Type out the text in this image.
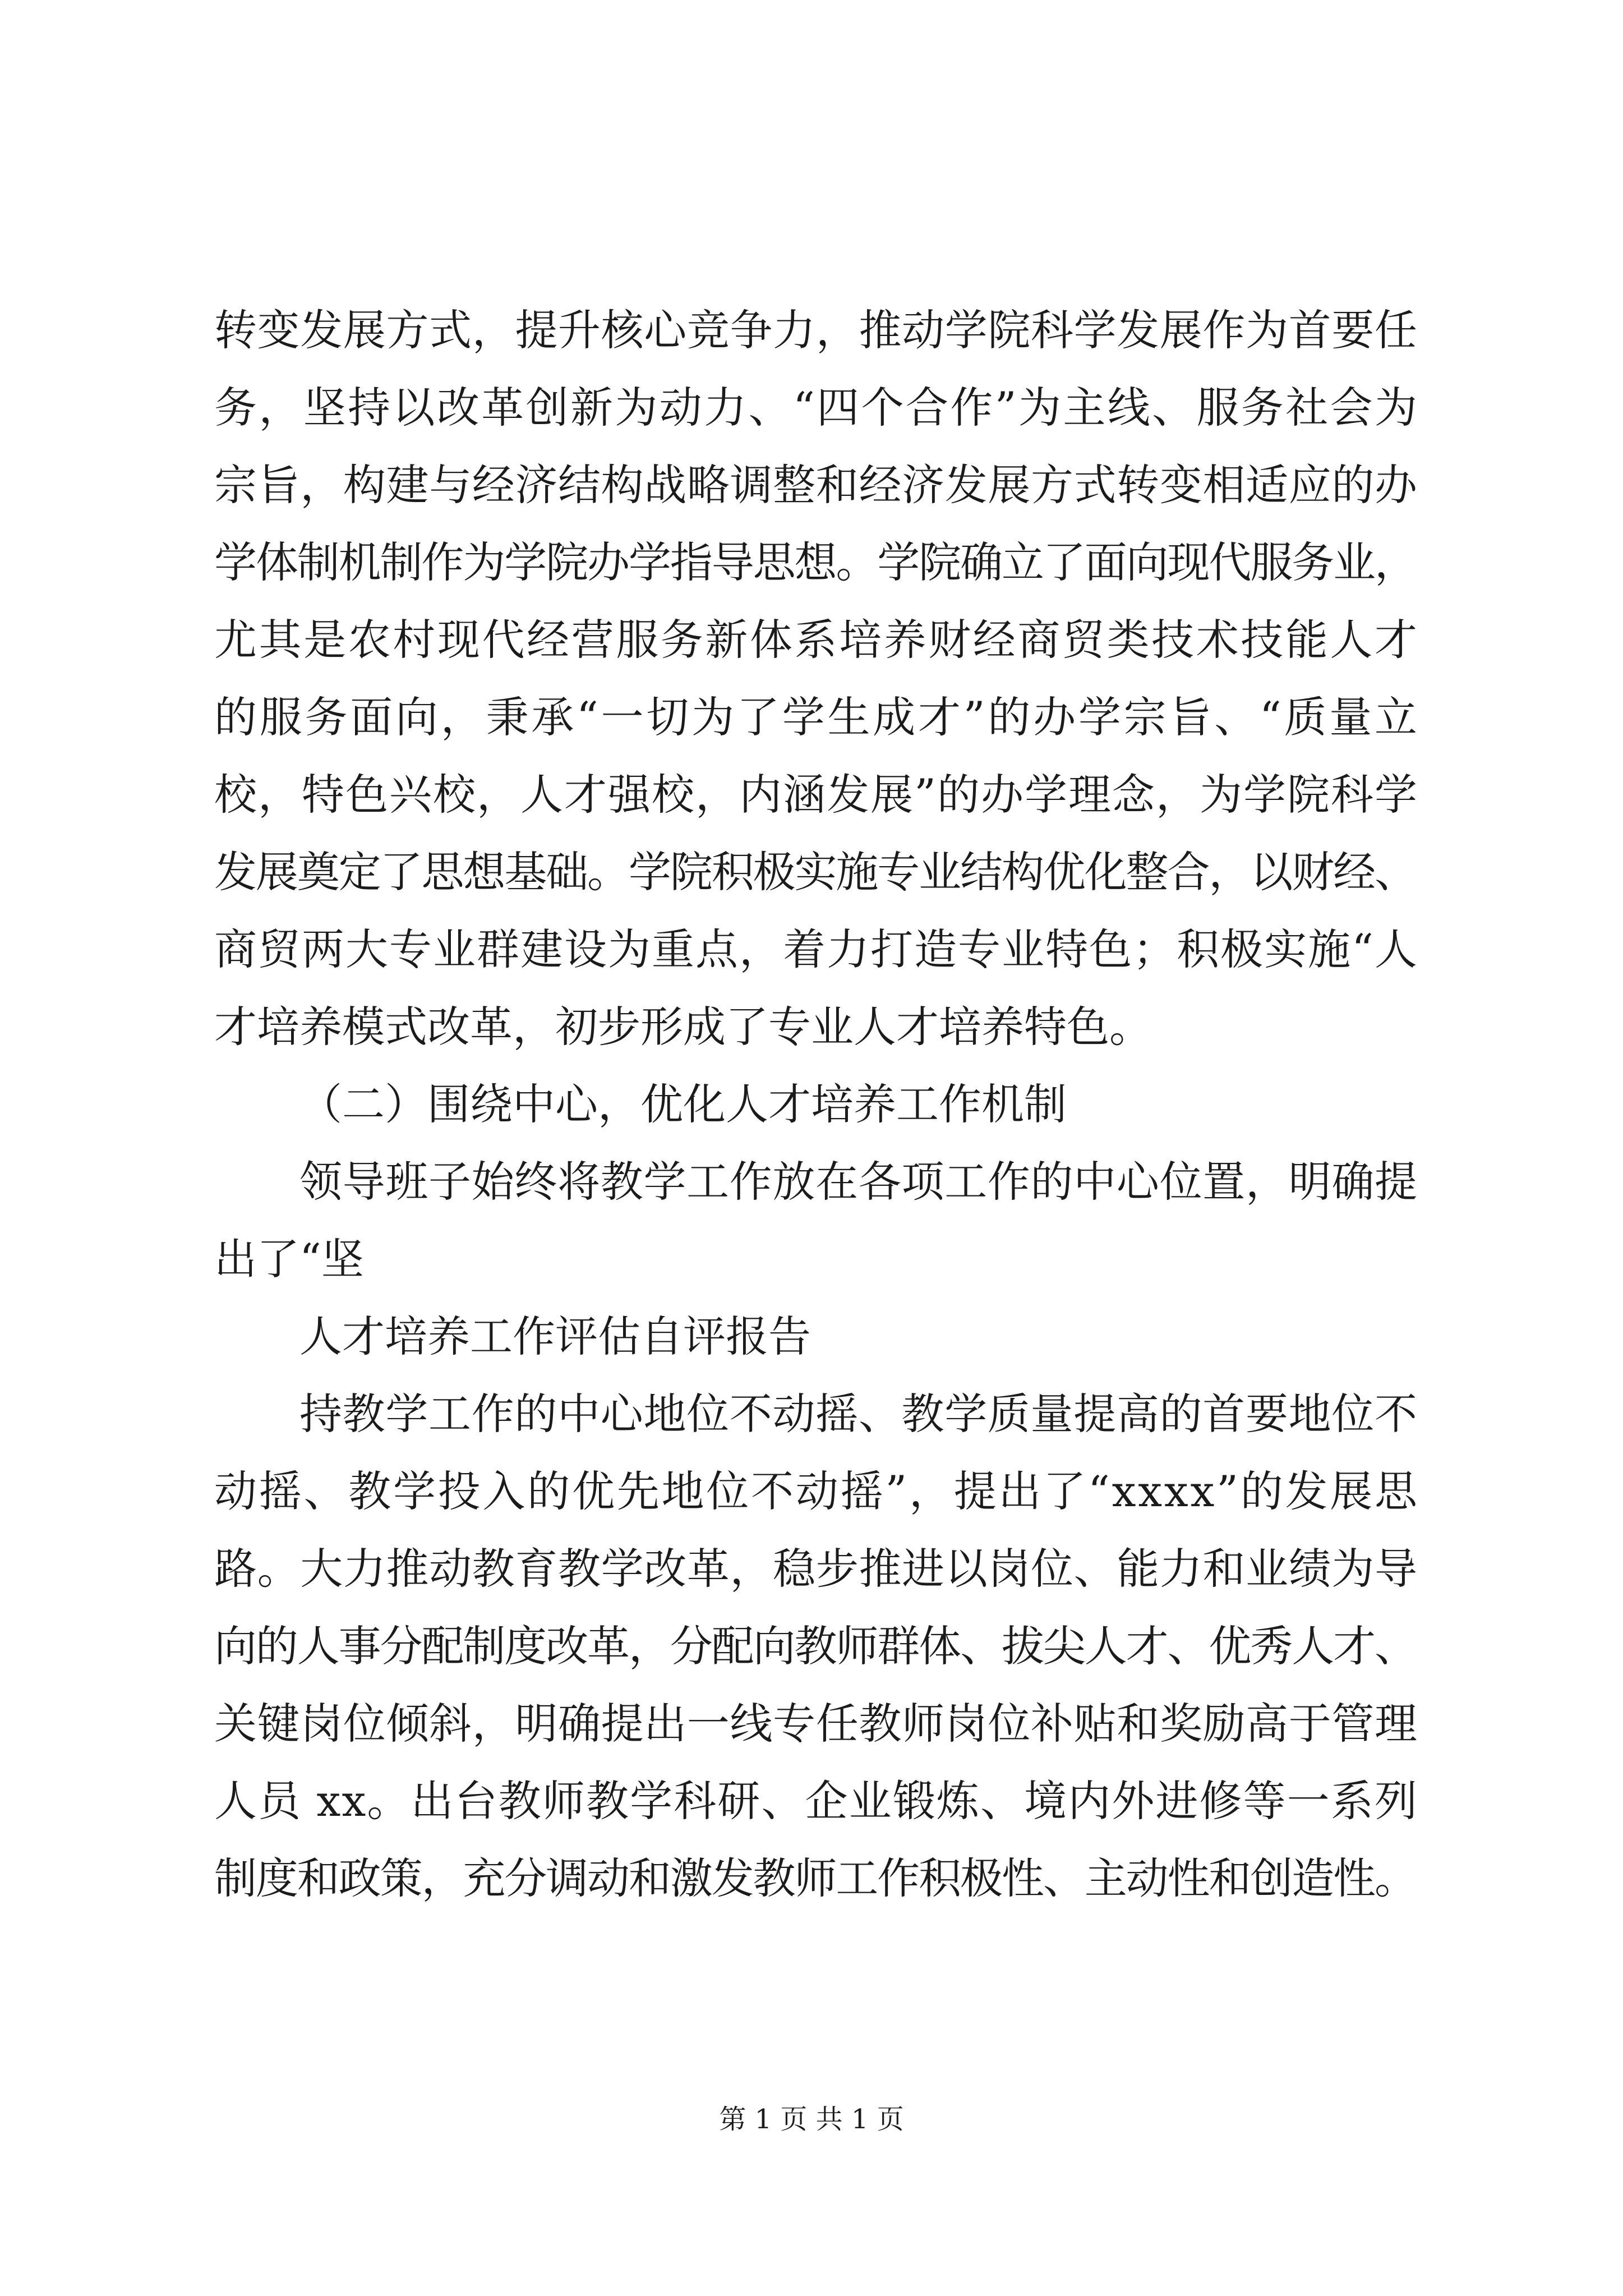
转变发展方式，提升核心竞争力，推动学院科学发展作为首要任
务，坚持以改革创新为动力、“四个合作”为主线、服务社会为
宗旨，构建与经济结构战略调整和经济发展方式转变相适应的办
学体制机制作为学院办学指导思想。学院确立了面向现代服务业，
尤其是农村现代经营服务新体系培养财经商贸类技术技能人才
的服务面向，秉承“一切为了学生成才”的办学宗旨、“质量立
校，特色兴校，人才强校，内涵发展”的办学理念，为学院科学
发展奠定了思想基础。学院积极实施专业结构优化整合，以财经、
商贸两大专业群建设为重点，着力打造专业特色；积极实施“人
才培养模式改革，初步形成了专业人才培养特色。
（二）围绕中心，优化人才培养工作机制
领导班子始终将教学工作放在各项工作的中心位置，明确提
出了“坚
人才培养工作评估自评报告
持教学工作的中心地位不动摇、教学质量提高的首要地位不
动摇、教学投入的优先地位不动摇”，提出了“xxxx”的发展思
路。大力推动教育教学改革，稳步推进以岗位、能力和业绩为导
向的人事分配制度改革，分配向教师群体、拔尖人才、优秀人才、
关键岗位倾斜，明确提出一线专任教师岗位补贴和奖励高于管理
人员 xx。出台教师教学科研、企业锻炼、境内外进修等一系列
制度和政策，充分调动和激发教师工作积极性、主动性和创造性。
第 1 页 共 1 页
